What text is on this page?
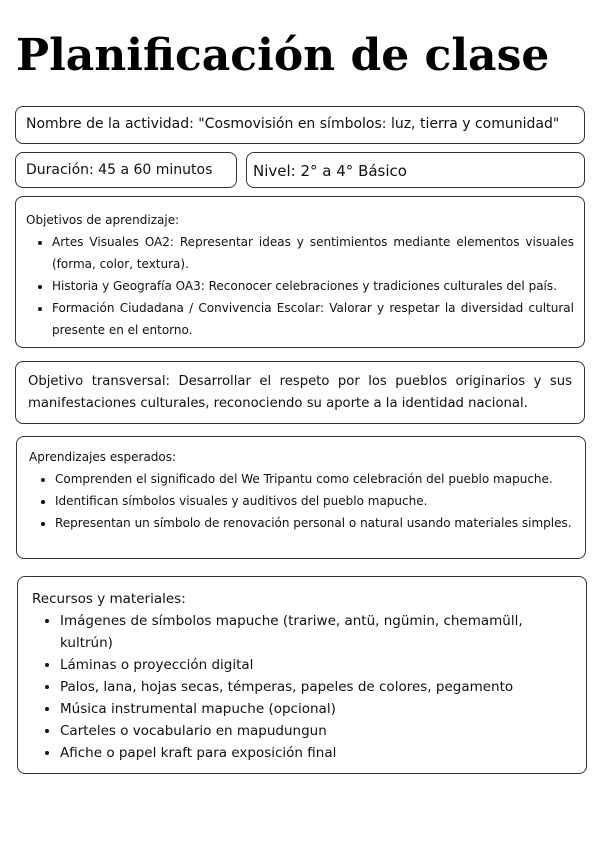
Planificación de clase
Nombre de la actividad: "Cosmovisión en símbolos: luz, tierra y comunidad"
Duración: 45 a 60 minutos	Nivel: 2° a 4° Básico
Objetivos de aprendizaje:
• Artes Visuales OA2: Representar ideas y sentimientos mediante elementos visuales (forma, color, textura).
• Historia y Geografía OA3: Reconocer celebraciones y tradiciones culturales del país.
• Formación Ciudadana / Convivencia Escolar: Valorar y respetar la diversidad cultural presente en el entorno.
Objetivo transversal: Desarrollar el respeto por los pueblos originarios y sus manifestaciones culturales, reconociendo su aporte a la identidad nacional.
Aprendizajes esperados:
• Comprenden el significado del We Tripantu como celebración del pueblo mapuche.
• Identifican símbolos visuales y auditivos del pueblo mapuche.
• Representan un símbolo de renovación personal o natural usando materiales simples.
Recursos y materiales:
• Imágenes de símbolos mapuche (trariwe, antü, ngümin, chemamüll, kultrún)
• Láminas o proyección digital
• Palos, lana, hojas secas, témperas, papeles de colores, pegamento
• Música instrumental mapuche (opcional)
• Carteles o vocabulario en mapudungun
• Afiche o papel kraft para exposición final
